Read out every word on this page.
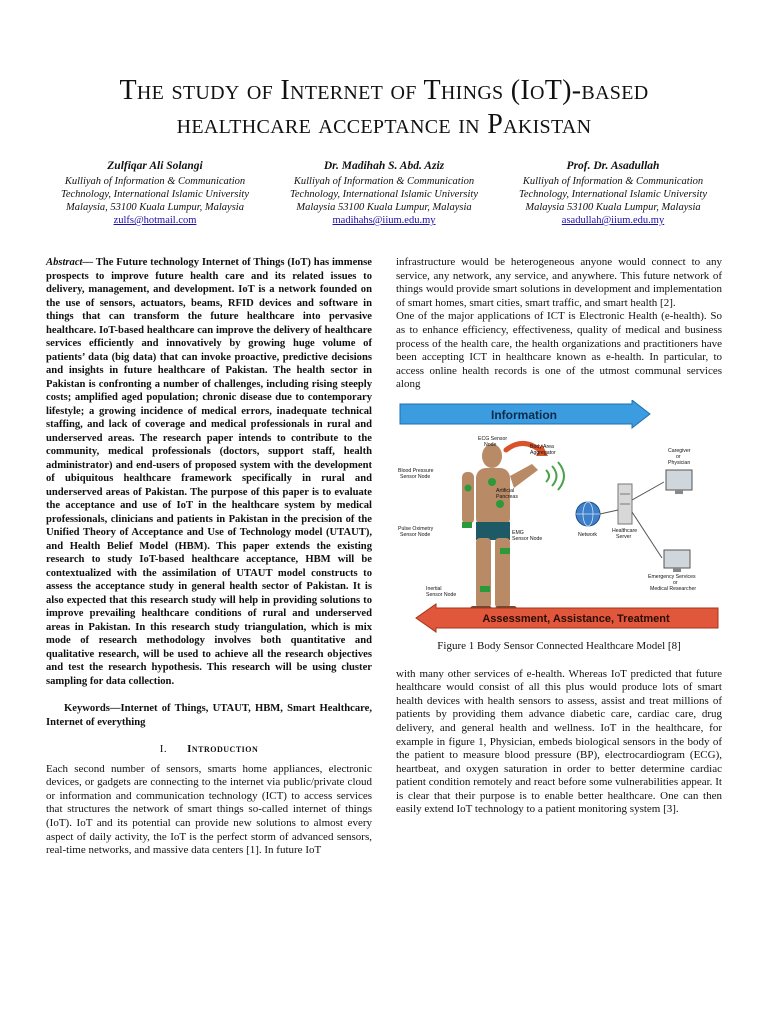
The study of Internet of Things (IoT)-based
healthcare acceptance in Pakistan
Zulfiqar Ali Solangi
Kulliyah of Information & Communication
Technology, International Islamic University
Malaysia, 53100 Kuala Lumpur, Malaysia
zulfs@hotmail.com
Dr. Madihah S. Abd. Aziz
Kulliyah of Information & Communication
Technology, International Islamic University
Malaysia 53100 Kuala Lumpur, Malaysia
madihahs@iium.edu.my
Prof. Dr. Asadullah
Kulliyah of Information & Communication
Technology, International Islamic University
Malaysia 53100 Kuala Lumpur, Malaysia
asadullah@iium.edu.my

Abstract— The Future technology Internet of Things (IoT) has immense prospects to improve future health care and its related issues to delivery, management, and development. IoT is a network founded on the use of sensors, actuators, beams, RFID devices and software in things that can transform the future healthcare into pervasive healthcare. IoT-based healthcare can improve the delivery of healthcare services efficiently and innovatively by growing huge volume of patients’ data (big data) that can invoke proactive, predictive decisions and insights in future healthcare of Pakistan. The health sector in Pakistan is confronting a number of challenges, including rising steeply costs; amplified aged population; chronic disease due to contemporary lifestyle; a growing incidence of medical errors, inadequate technical staffing, and lack of coverage and medical professionals in rural and underserved areas. The research paper intends to contribute to the community, medical professionals (doctors, support staff, health administrator) and end-users of proposed system with the development of ubiquitous healthcare framework specifically in rural and underserved areas of Pakistan. The purpose of this paper is to evaluate the acceptance and use of IoT in the healthcare system by medical professionals, clinicians and patients in Pakistan in the precision of the Unified Theory of Acceptance and Use of Technology model (UTAUT), and Health Belief Model (HBM). This paper extends the existing research to study IoT-based healthcare acceptance, HBM will be contextualized with the assimilation of UTAUT model constructs to assess the acceptance study in general health sector of Pakistan. It is also expected that this research study will help in providing solutions to improve prevailing healthcare conditions of rural and underserved areas in Pakistan. In this research study triangulation, which is mix mode of research methodology involves both quantitative and qualitative research, will be used to achieve all the research objectives and test the research hypothesis. This research will be using cluster sampling for data collection.

Keywords—Internet of Things, UTAUT, HBM, Smart Healthcare, Internet of everything

I. Introduction

Each second number of sensors, smarts home appliances, electronic devices, or gadgets are connecting to the internet via public/private cloud or information and communication technology (ICT) to access services that structures the network of smart things so-called internet of things (IoT). IoT and its potential can provide new solutions to almost every aspect of daily activity, the IoT is the perfect storm of advanced sensors, real-time networks, and massive data centers [1]. In future IoT

infrastructure would be heterogeneous anyone would connect to any service, any network, any service, and anywhere. This future network of things would provide smart solutions in development and implementation of smart homes, smart cities, smart traffic, and smart health [2].

One of the major applications of ICT is Electronic Health (e-health). So as to enhance efficiency, effectiveness, quality of medical and business process of the health care, the health organizations and practitioners have been accepting ICT in healthcare known as e-health. In particular, to access online health records is one of the utmost communal services along

Information
ECG Sensor Node
Blood Pressure Sensor Node
Body Area Aggregator
Artificial Pancreas
Pulse Oximetry Sensor Node	EMG Sensor Node
Inertial Sensor Node
Network
Healthcare Server
Caregiver or Physician
Emergency Services or Medical Researcher
Assessment, Assistance, Treatment
Figure 1 Body Sensor Connected Healthcare Model [8]

with many other services of e-health. Whereas IoT predicted that future healthcare would consist of all this plus would produce lots of smart health devices with health sensors to assess, assist and treat millions of patients by providing them advance diabetic care, cardiac care, drug delivery, and general health and wellness. IoT in the healthcare, for example in figure 1, Physician, embeds biological sensors in the body of the patient to measure blood pressure (BP), electrocardiogram (ECG), heartbeat, and oxygen saturation in order to better determine cardiac patient condition remotely and react before some vulnerabilities appear. It is clear that their purpose is to enable better healthcare. One can then easily extend IoT technology to a patient monitoring system [3].
